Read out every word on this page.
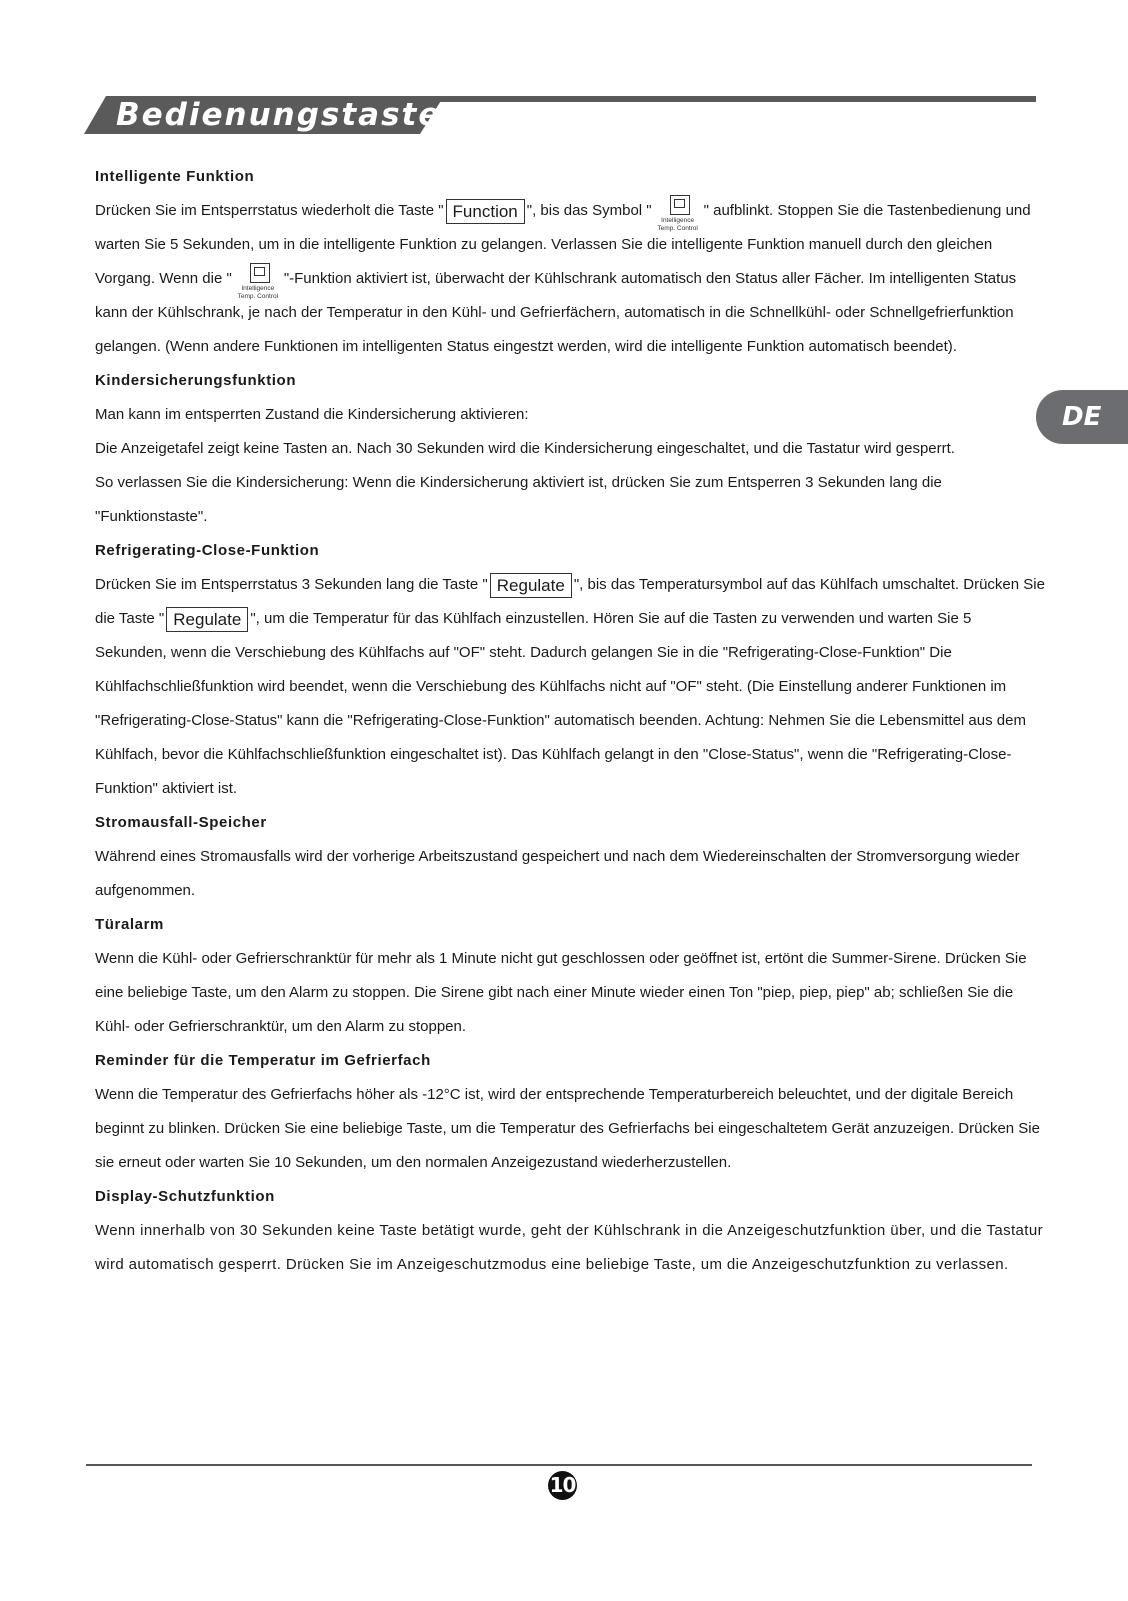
Bedienungstasten
DE

Intelligente Funktion

Drücken Sie im Entsperrstatus wiederholt die Taste " Function ", bis das Symbol "
Intelligence
Temp. Control
" aufblinkt. Stoppen Sie die Tastenbedienung und warten Sie 5 Sekunden, um in die intelligente Funktion zu gelangen. Verlassen Sie die intelligente Funktion manuell durch den gleichen Vorgang. Wenn die "
Intelligence
Temp. Control
"-Funktion aktiviert ist, überwacht der Kühlschrank automatisch den Status aller Fächer. Im intelligenten Status kann der Kühlschrank, je nach der Temperatur in den Kühl- und Gefrierfächern, automatisch in die Schnellkühl- oder Schnellgefrierfunktion gelangen. (Wenn andere Funktionen im intelligenten Status eingestzt werden, wird die intelligente Funktion automatisch beendet).

Kindersicherungsfunktion

Man kann im entsperrten Zustand die Kindersicherung aktivieren:

Die Anzeigetafel zeigt keine Tasten an. Nach 30 Sekunden wird die Kindersicherung eingeschaltet, und die Tastatur wird gesperrt.

So verlassen Sie die Kindersicherung: Wenn die Kindersicherung aktiviert ist, drücken Sie zum Entsperren 3 Sekunden lang die "Funktionstaste".

Refrigerating-Close-Funktion

Drücken Sie im Entsperrstatus 3 Sekunden lang die Taste " Regulate ", bis das Temperatursymbol auf das Kühlfach umschaltet. Drücken Sie die Taste " Regulate ", um die Temperatur für das Kühlfach einzustellen. Hören Sie auf die Tasten zu verwenden und warten Sie 5 Sekunden, wenn die Verschiebung des Kühlfachs auf "OF" steht. Dadurch gelangen Sie in die "Refrigerating-Close-Funktion" Die Kühlfachschließfunktion wird beendet, wenn die Verschiebung des Kühlfachs nicht auf "OF" steht. (Die Einstellung anderer Funktionen im "Refrigerating-Close-Status" kann die "Refrigerating-Close-Funktion" automatisch beenden. Achtung: Nehmen Sie die Lebensmittel aus dem Kühlfach, bevor die Kühlfachschließfunktion eingeschaltet ist). Das Kühlfach gelangt in den "Close-Status", wenn die "Refrigerating-Close-Funktion" aktiviert ist.

Stromausfall-Speicher

Während eines Stromausfalls wird der vorherige Arbeitszustand gespeichert und nach dem Wiedereinschalten der Stromversorgung wieder aufgenommen.

Türalarm

Wenn die Kühl- oder Gefrierschranktür für mehr als 1 Minute nicht gut geschlossen oder geöffnet ist, ertönt die Summer-Sirene. Drücken Sie eine beliebige Taste, um den Alarm zu stoppen. Die Sirene gibt nach einer Minute wieder einen Ton "piep, piep, piep" ab; schließen Sie die Kühl- oder Gefrierschranktür, um den Alarm zu stoppen.

Reminder für die Temperatur im Gefrierfach

Wenn die Temperatur des Gefrierfachs höher als -12°C ist, wird der entsprechende Temperaturbereich beleuchtet, und der digitale Bereich beginnt zu blinken. Drücken Sie eine beliebige Taste, um die Temperatur des Gefrierfachs bei eingeschaltetem Gerät anzuzeigen. Drücken Sie sie erneut oder warten Sie 10 Sekunden, um den normalen Anzeigezustand wiederherzustellen.

Display-Schutzfunktion

Wenn innerhalb von 30 Sekunden keine Taste betätigt wurde, geht der Kühlschrank in die Anzeigeschutzfunktion über, und die Tastatur wird automatisch gesperrt. Drücken Sie im Anzeigeschutzmodus eine beliebige Taste, um die Anzeigeschutzfunktion zu verlassen.

10
